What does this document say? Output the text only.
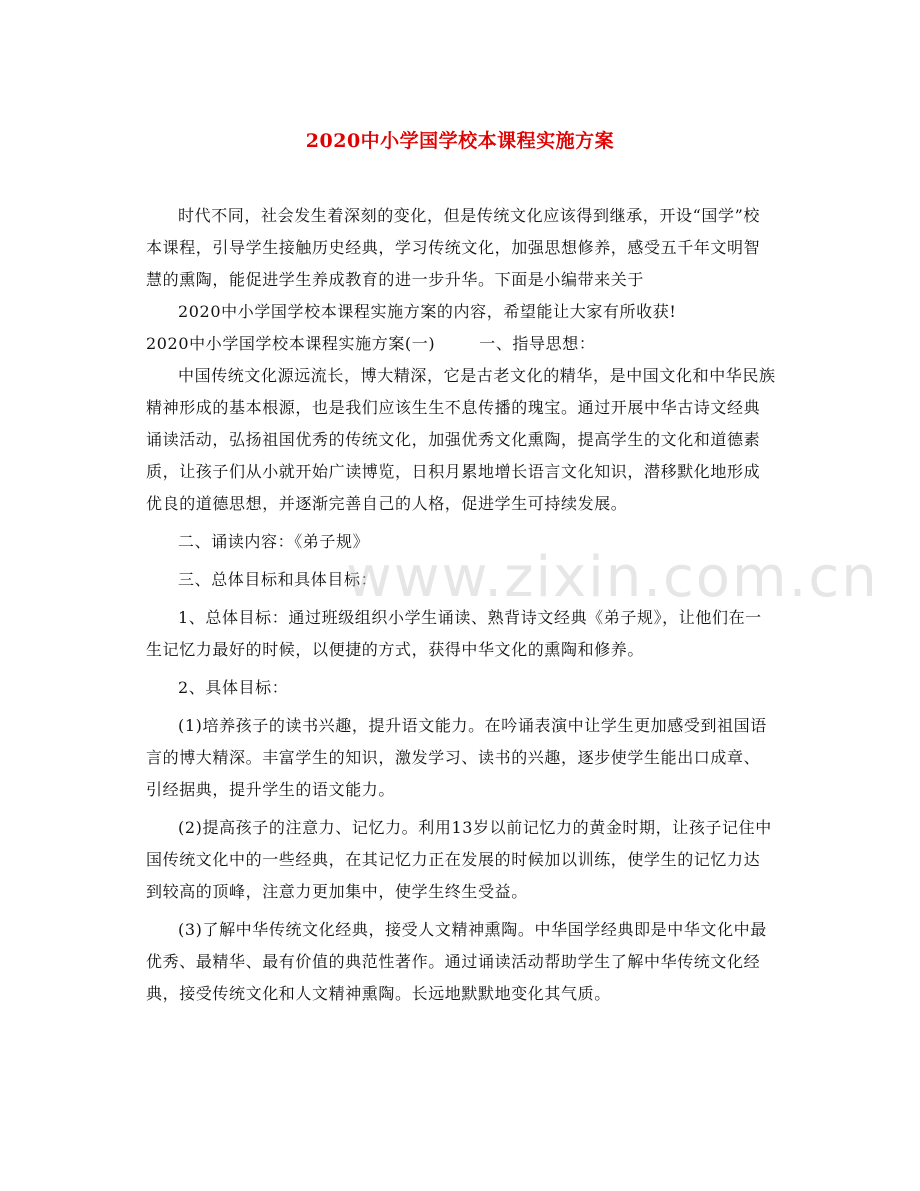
2020中小学国学校本课程实施方案

时代不同，社会发生着深刻的变化，但是传统文化应该得到继承，开设“国学”校本课程，引导学生接触历史经典，学习传统文化，加强思想修养，感受五千年文明智慧的熏陶，能促进学生养成教育的进一步升华。下面是小编带来关于
2020中小学国学校本课程实施方案的内容，希望能让大家有所收获!

2020中小学国学校本课程实施方案(一)	一、指导思想：

中国传统文化源远流长，博大精深，它是古老文化的精华，是中国文化和中华民族精神形成的基本根源，也是我们应该生生不息传播的瑰宝。通过开展中华古诗文经典诵读活动，弘扬祖国优秀的传统文化，加强优秀文化熏陶，提高学生的文化和道德素质，让孩子们从小就开始广读博览，日积月累地增长语言文化知识，潜移默化地形成优良的道德思想，并逐渐完善自己的人格，促进学生可持续发展。

二、诵读内容：《弟子规》

三、总体目标和具体目标：

1、总体目标：通过班级组织小学生诵读、熟背诗文经典《弟子规》，让他们在一生记忆力最好的时候，以便捷的方式，获得中华文化的熏陶和修养。

2、具体目标：

(1)培养孩子的读书兴趣，提升语文能力。在吟诵表演中让学生更加感受到祖国语言的博大精深。丰富学生的知识，激发学习、读书的兴趣，逐步使学生能出口成章、引经据典，提升学生的语文能力。

(2)提高孩子的注意力、记忆力。利用13岁以前记忆力的黄金时期，让孩子记住中国传统文化中的一些经典，在其记忆力正在发展的时候加以训练，使学生的记忆力达到较高的顶峰，注意力更加集中，使学生终生受益。

(3)了解中华传统文化经典，接受人文精神熏陶。中华国学经典即是中华文化中最优秀、最精华、最有价值的典范性著作。通过诵读活动帮助学生了解中华传统文化经典，接受传统文化和人文精神熏陶。长远地默默地变化其气质。

www.zixin.com.cn
